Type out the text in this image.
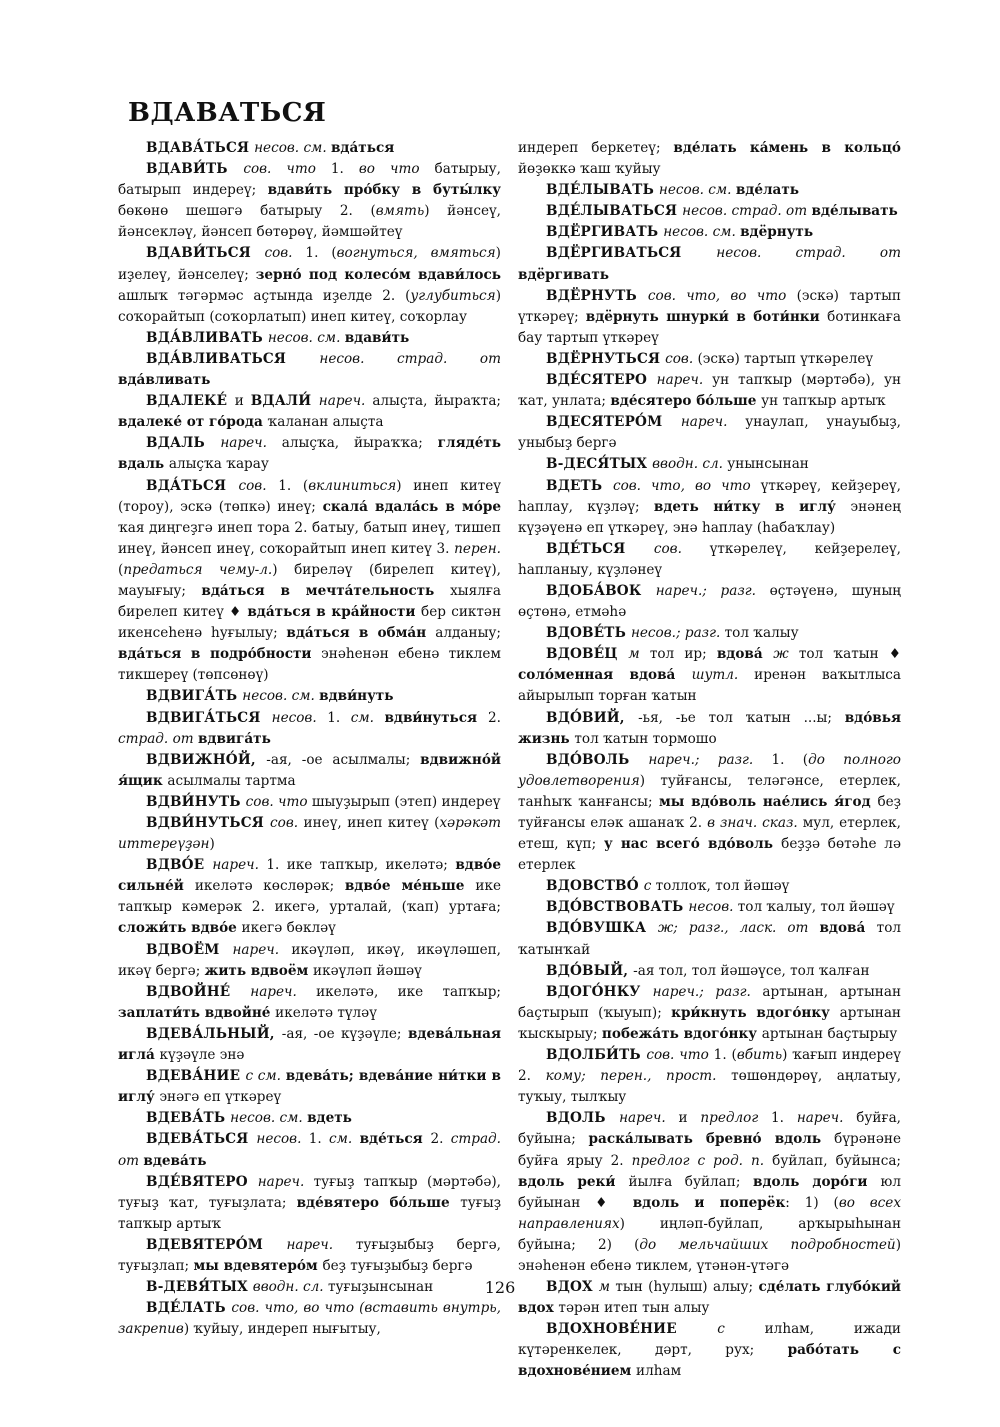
ВДАВАТЬСЯ

ВДАВА́ТЬСЯ несов. см. вда́ться

ВДАВИ́ТЬ сов. что 1. во что батырыу, батырып индереү; вдави́ть про́бку в буты́лку бөкөнө шешәгә батырыу 2. (вмять) йәнсеү, йәнсекләү, йәнсеп бөтөрөү, йәмшәйтеү

ВДАВИ́ТЬСЯ сов. 1. (вогнуться, вмяться) иҙелеү, йәнселеү; зерно́ под колесо́м вдави́лось ашлыҡ тәгәрмәс аҫтында иҙелде 2. (углубиться) соҡорайтып (соҡорлатып) инеп китеү, соҡорлау

ВДА́ВЛИВАТЬ несов. см. вдави́ть

ВДА́ВЛИВАТЬСЯ несов. страд. от вда́вливать

ВДАЛЕКЕ́ и ВДАЛИ́ нареч. алыҫта, йыраҡта; вдалеке́ от го́рода ҡаланан алыҫта

ВДАЛЬ нареч. алыҫҡа, йыраҡҡа; гляде́ть вдаль алыҫҡа ҡарау

ВДА́ТЬСЯ сов. 1. (вклиниться) инеп китеү (тороу), эскә (төпкә) инеү; скала́ вдала́сь в мо́ре ҡая диңгеҙгә инеп тора 2. батыу, батып инеү, тишеп инеү, йәнсеп инеү, соҡорайтып инеп китеү 3. перен. (предаться чему-л.) биреләү (бирелеп китеү), мауығыу; вда́ться в мечта́тельность хыялға бирелеп китеү ♦ вда́ться в кра́йности бер сиктән икенсеһенә һуғылыу; вда́ться в обма́н алданыу; вда́ться в подро́бности энәһенән ебенә тиклем тикшереү (төпсөнөү)

ВДВИГА́ТЬ несов. см. вдви́нуть

ВДВИГА́ТЬСЯ несов. 1. см. вдви́нуться 2. страд. от вдвига́ть

ВДВИЖНО́Й, -ая, -ое асылмалы; вдвижно́й я́щик асылмалы тартма

ВДВИ́НУТЬ сов. что шыуҙырып (этеп) индереү

ВДВИ́НУТЬСЯ сов. инеү, инеп китеү (хәрәкәт иттереүҙән)

ВДВО́Е нареч. 1. ике тапҡыр, икеләтә; вдво́е сильне́й икеләтә көслөрәк; вдво́е ме́ньше ике тапҡыр кәмерәк 2. икегә, урталай, (ҡап) уртаға; сложи́ть вдво́е икегә бөкләү

ВДВОЁМ нареч. икәүләп, икәү, икәүләшеп, икәү бергә; жить вдвоём икәүләп йәшәү

ВДВОЙНЕ́ нареч. икеләтә, ике тапҡыр; заплати́ть вдвойне́ икеләтә түләү

ВДЕВА́ЛЬНЫЙ, -ая, -ое күҙәүле; вдева́льная игла́ күҙәүле энә

ВДЕВА́НИЕ с см. вдева́ть; вдева́ние ни́тки в иглу́ энәгә еп үткәреү

ВДЕВА́ТЬ несов. см. вдеть

ВДЕВА́ТЬСЯ несов. 1. см. вде́ться 2. страд. от вдева́ть

ВДЕ́ВЯТЕРО нареч. туғыҙ тапҡыр (мәртәбә), туғыҙ ҡат, туғыҙлата; вде́вятеро бо́льше туғыҙ тапҡыр артыҡ

ВДЕВЯТЕРО́М нареч. туғыҙыбыҙ бергә, туғыҙлап; мы вдевятеро́м беҙ туғыҙыбыҙ бергә

В-ДЕВЯ́ТЫХ вводн. сл. туғыҙынсынан

ВДЕ́ЛАТЬ сов. что, во что (вставить внутрь, закрепив) ҡуйыу, индереп нығытыу,

индереп беркетеү; вде́лать ка́мень в кольцо́ йөҙөккә ҡаш ҡуйыу

ВДЕ́ЛЫВАТЬ несов. см. вде́лать

ВДЕ́ЛЫВАТЬСЯ несов. страд. от вде́лывать

ВДЁРГИВАТЬ несов. см. вдёрнуть

ВДЁРГИВАТЬСЯ несов. страд. от вдёргивать

ВДЁРНУТЬ сов. что, во что (эскә) тартып үткәреү; вдёрнуть шнурки́ в боти́нки ботинкаға бау тартып үткәреү

ВДЁРНУТЬСЯ сов. (эскә) тартып үткәрелеү

ВДЕ́СЯТЕРО нареч. ун тапҡыр (мәртәбә), ун ҡат, унлата; вде́сятеро бо́льше ун тапҡыр артыҡ

ВДЕСЯТЕРО́М нареч. унаулап, унауыбыҙ, уныбыҙ бергә

В-ДЕСЯ́ТЫХ вводн. сл. унынсынан

ВДЕТЬ сов. что, во что үткәреү, кейҙереү, һаплау, күҙләү; вдеть ни́тку в иглу́ энәнең күҙәүенә еп үткәреү, энә һаплау (һабаҡлау)

ВДЕ́ТЬСЯ сов. үткәрелеү, кейҙерелеү, һапланыу, күҙләнеү

ВДОБА́ВОК нареч.; разг. өҫтәүенә, шуның өҫтөнә, етмәһә

ВДОВЕ́ТЬ несов.; разг. тол ҡалыу

ВДОВЕ́Ц м тол ир; вдова́ ж тол ҡатын ♦ соло́менная вдова́ шутл. иренән ваҡытлыса айырылып торған ҡатын

ВДО́ВИЙ, -ья, -ье тол ҡатын ...ы; вдо́вья жизнь тол ҡатын тормошо

ВДО́ВОЛЬ нареч.; разг. 1. (до полного удовлетворения) туйғансы, теләгәнсе, етерлек, танһыҡ ҡанғансы; мы вдо́воль нае́лись я́год беҙ туйғансы еләк ашанаҡ 2. в знач. сказ. мул, етерлек, етеш, күп; у нас всего́ вдо́воль беҙҙә бөтәһе лә етерлек

ВДОВСТВО́ с толлоҡ, тол йәшәү

ВДО́ВСТВОВАТЬ несов. тол ҡалыу, тол йәшәү

ВДО́ВУШКА ж; разг., ласк. от вдова́ тол ҡатынҡай

ВДО́ВЫЙ, -ая тол, тол йәшәүсе, тол ҡалған

ВДОГО́НКУ нареч.; разг. артынан, артынан баҫтырып (ҡыуып); кри́кнуть вдого́нку артынан ҡыскырыу; побежа́ть вдого́нку артынан баҫтырыу

ВДОЛБИ́ТЬ сов. что 1. (вбить) ҡағып индереү 2. кому; перен., прост. төшөндөрөү, аңлатыу, туҡыу, тылҡыу

ВДОЛЬ нареч. и предлог 1. нареч. буйға, буйына; раска́лывать бревно́ вдоль бүрәнәне буйға ярыу 2. предлог с род. п. буйлап, буйынса; вдоль реки́ йылға буйлап; вдоль доро́ги юл буйынан ♦ вдоль и поперёк: 1) (во всех направлениях) иңләп-буйлап, арҡырыһынан буйына; 2) (до мельчайших подробностей) энәһенән ебенә тиклем, үтәнән-үтәгә

ВДОХ м тын (һулыш) алыу; сде́лать глубо́кий вдох тәрән итеп тын алыу

ВДОХНОВЕ́НИЕ с илһам, ижади күтәренкелек, дәрт, рух; рабо́тать с вдохнове́нием илһам

126
